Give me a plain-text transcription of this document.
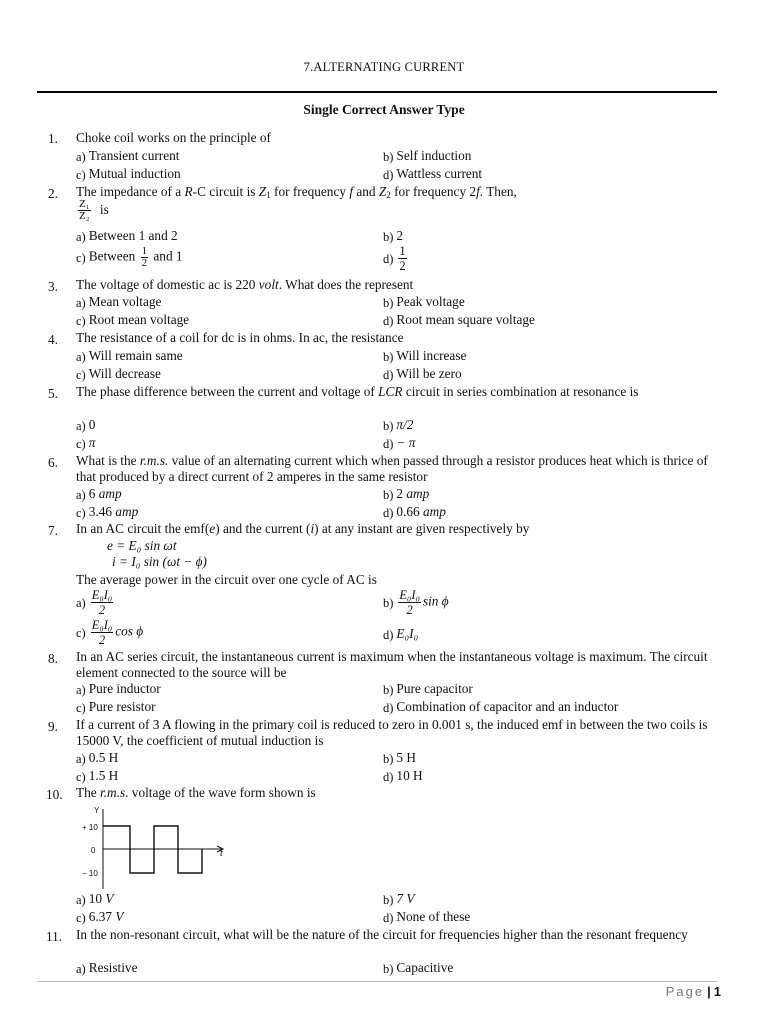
7.ALTERNATING CURRENT
Single Correct Answer Type
1. Choke coil works on the principle of
a) Transient current	b) Self induction
c) Mutual induction	d) Wattless current
2. The impedance of a R-C circuit is $Z_1$ for frequency f and $Z_2$ for frequency 2f. Then,
$\frac{\text{Z₁}}{\text{Z₂}}$ is
a) Between 1 and 2	b) 2
c) Between $\frac{1}{2}$ and 1	$d) \frac{1}{2}$
3. The voltage of domestic ac is 220 volt. What does the represent
a) Mean voltage	b) Peak voltage
c) Root mean voltage	d) Root mean square voltage
4. The resistance of a coil for dc is in ohms. In ac, the resistance
a) Will remain same	b) Will increase
c) Will decrease	d) Will be zero
5. The phase difference between the current and voltage of LCR circuit in series combination at resonance is
a) 0	b) π/2
c) π	d) − π
6. What is the r.m.s. value of an alternating current which when passed through a resistor produces heat which is thrice of that produced by a direct current of 2 amperes in the same resistor
a) 6 amp	b) 2 amp
c) 3.46 amp	d) 0.66 amp
7. In an AC circuit the emf(e) and the current (i) at any instant are given respectively by
e = E₀ sin ωt
i = I₀ sin (ωt − ϕ)
The average power in the circuit over one cycle of AC is
$a) \frac{\text{E₀I₀}}{2}$	$b) \frac{\text{E₀I₀}}{2}$ sin ϕ
$c) \frac{\text{E₀I₀}}{2}$ cos ϕ	d) E₀I₀
8. In an AC series circuit, the instantaneous current is maximum when the instantaneous voltage is maximum. The circuit element connected to the source will be
a) Pure inductor	b) Pure capacitor
c) Pure resistor	d) Combination of capacitor and an inductor
9. If a current of 3 A flowing in the primary coil is reduced to zero in 0.001 s, the induced emf in between the two coils is 15000 V, the coefficient of mutual induction is
a) 0.5 H	b) 5 H
c) 1.5 H	d) 10 H
10. The r.m.s. voltage of the wave form shown is
Y
t
+ 10
0
− 10
a) 10 V	b) 7 V
c) 6.37 V	d) None of these
11. In the non-resonant circuit, what will be the nature of the circuit for frequencies higher than the resonant frequency
a) Resistive	b) Capacitive
Page | 1
